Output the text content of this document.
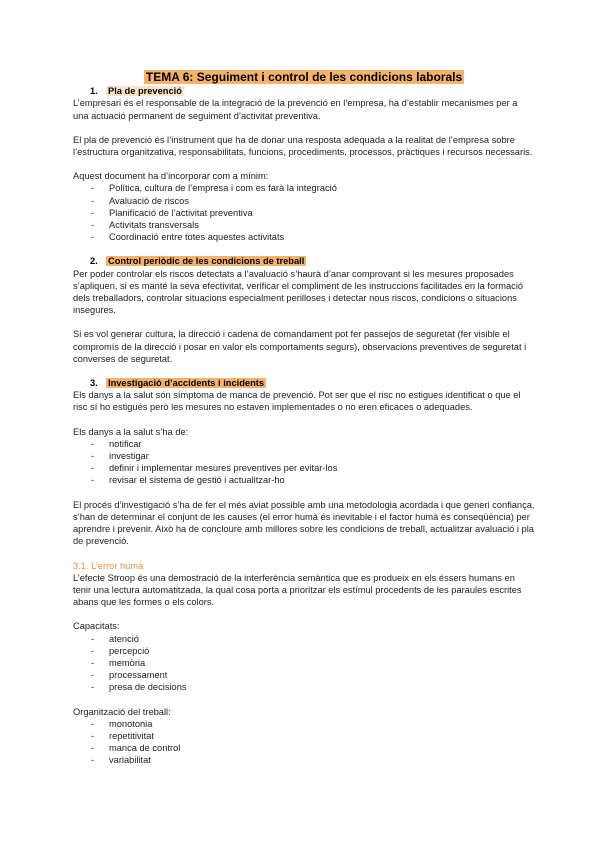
TEMA 6: Seguiment i control de les condicions laborals
1. Pla de prevenció

L’empresari és el responsable de la integració de la prevenció en l’empresa, ha d’establir mecanismes per a una actuació permanent de seguiment d’activitat preventiva.

El pla de prevenció és l’instrument que ha de donar una resposta adequada a la realitat de l’empresa sobre l’estructura organitzativa, responsabilitats, funcions, procediments, processos, pràctiques i recursos necessaris.

Aquest document ha d’incorporar com a mínim:

- Política, cultura de l’empresa i com es farà la integració
- Avaluació de riscos
- Planificació de l’activitat preventiva
- Activitats transversals
- Coordinació entre totes aquestes activitats
2. Control periòdic de les condicions de treball

Per poder controlar els riscos detectats a l’avaluació s’haurà d’anar comprovant si les mesures proposades s’apliquen, si es manté la seva efectivitat, verificar el compliment de les instruccions facilitades en la formació dels treballadors, controlar situacions especialment perilloses i detectar nous riscos, condicions o situacions insegures.

Si es vol generar cultura, la direcció i cadena de comandament pot fer passejos de seguretat (fer visible el compromís de la direcció i posar en valor els comportaments segurs), observacions preventives de seguretat i converses de seguretat.

3. Investigació d’accidents i incidents

Els danys a la salut són símptoma de manca de prevenció. Pot ser que el risc no estigues identificat o que el risc sí ho estigués però les mesures no estaven implementades o no eren eficaces o adequades.

Els danys a la salut s’ha de:

- notificar
- investigar
- definir i implementar mesures preventives per evitar-los
- revisar el sistema de gestió i actualitzar-ho

El procés d’investigació s’ha de fer el més aviat possible amb una metodologia acordada i que generi confiança, s’han de determinar el conjunt de les causes (el error humà és inevitable i el factor humà és conseqüència) per aprendre i prevenir. Això ha de concloure amb millores sobre les condicions de treball, actualitzar avaluació i pla de prevenció.

3.1. L’error humà

L’efecte Stroop és una demostració de la interferència semàntica que es produeix en els éssers humans en tenir una lectura automatitzada, la qual cosa porta a prioritzar els estímul procedents de les paraules escrites abans que les formes o els colors.

Capacitats:

- atenció
- percepció
- memòria
- processament
- presa de decisions

Organització del treball:

- monotonia
- repetitivitat
- manca de control
- variabilitat
